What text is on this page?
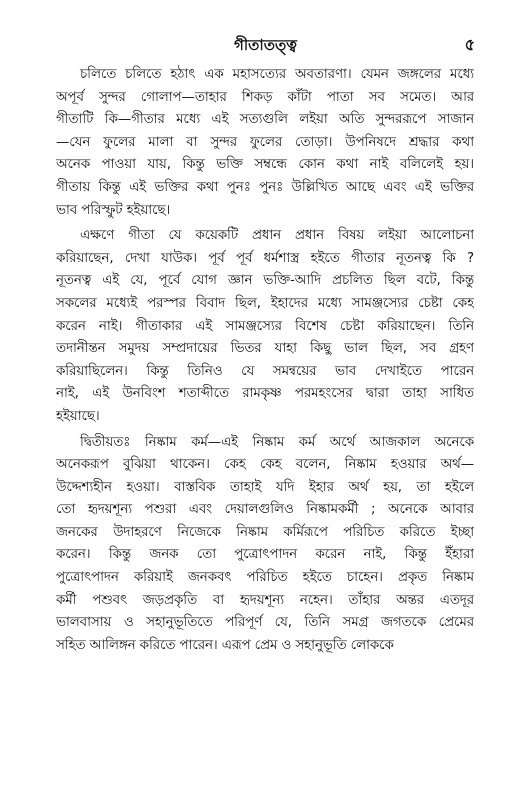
গীতাতত্ত্ব	৫
চলিতে চলিতে হঠাৎ এক মহাসত্যের অবতারণা। যেমন জঙ্গলের মধ্যে
অপূর্ব সুন্দর গোলাপ—তাহার শিকড় কাঁটা পাতা সব সমেত। আর
গীতাটি কি—গীতার মধ্যে এই সত্যগুলি লইয়া অতি সুন্দররূপে সাজান
—যেন ফুলের মালা বা সুন্দর ফুলের তোড়া। উপনিষদে শ্রদ্ধার কথা
অনেক পাওয়া যায়, কিন্তু ভক্তি সম্বন্ধে কোন কথা নাই বলিলেই হয়।
গীতায় কিন্তু এই ভক্তির কথা পুনঃ পুনঃ উল্লিখিত আছে এবং এই ভক্তির
ভাব পরিস্ফুট হইয়াছে।
এক্ষণে গীতা যে কয়েকটি প্রধান প্রধান বিষয় লইয়া আলোচনা
করিয়াছেন, দেখা যাউক। পূর্ব পূর্ব ধর্মশাস্ত্র হইতে গীতার নূতনত্ব কি ?
নূতনত্ব এই যে, পূর্বে যোগ জ্ঞান ভক্তি-আদি প্রচলিত ছিল বটে, কিন্তু
সকলের মধ্যেই পরস্পর বিবাদ ছিল, ইহাদের মধ্যে সামঞ্জস্যের চেষ্টা কেহ
করেন নাই। গীতাকার এই সামঞ্জস্যের বিশেষ চেষ্টা করিয়াছেন। তিনি
তদানীন্তন সমুদয় সম্প্রদায়ের ভিতর যাহা কিছু ভাল ছিল, সব গ্রহণ
করিয়াছিলেন। কিন্তু তিনিও যে সমন্বয়ের ভাব দেখাইতে পারেন
নাই, এই উনবিংশ শতাব্দীতে রামকৃষ্ণ পরমহংসের দ্বারা তাহা সাধিত
হইয়াছে।
দ্বিতীয়তঃ নিষ্কাম কর্ম—এই নিষ্কাম কর্ম অর্থে আজকাল অনেকে
অনেকরূপ বুঝিয়া থাকেন। কেহ কেহ বলেন, নিষ্কাম হওয়ার অর্থ—
উদ্দেশ্যহীন হওয়া। বাস্তবিক তাহাই যদি ইহার অর্থ হয়, তা হইলে
তো হৃদয়শূন্য পশুরা এবং দেয়ালগুলিও নিষ্কামকর্মী ; অনেকে আবার
জনকের উদাহরণে নিজেকে নিষ্কাম কর্মিরূপে পরিচিত করিতে ইচ্ছা
করেন। কিন্তু জনক তো পুত্রোৎপাদন করেন নাই, কিন্তু ইঁহারা
পুত্রোৎপাদন করিয়াই জনকবৎ পরিচিত হইতে চাহেন। প্রকৃত নিষ্কাম
কর্মী পশুবৎ জড়প্রকৃতি বা হৃদয়শূন্য নহেন। তাঁহার অন্তর এতদূর
ভালবাসায় ও সহানুভূতিতে পরিপূর্ণ যে, তিনি সমগ্র জগতকে প্রেমের
সহিত আলিঙ্গন করিতে পারেন। এরূপ প্রেম ও সহানুভূতি লোককে
